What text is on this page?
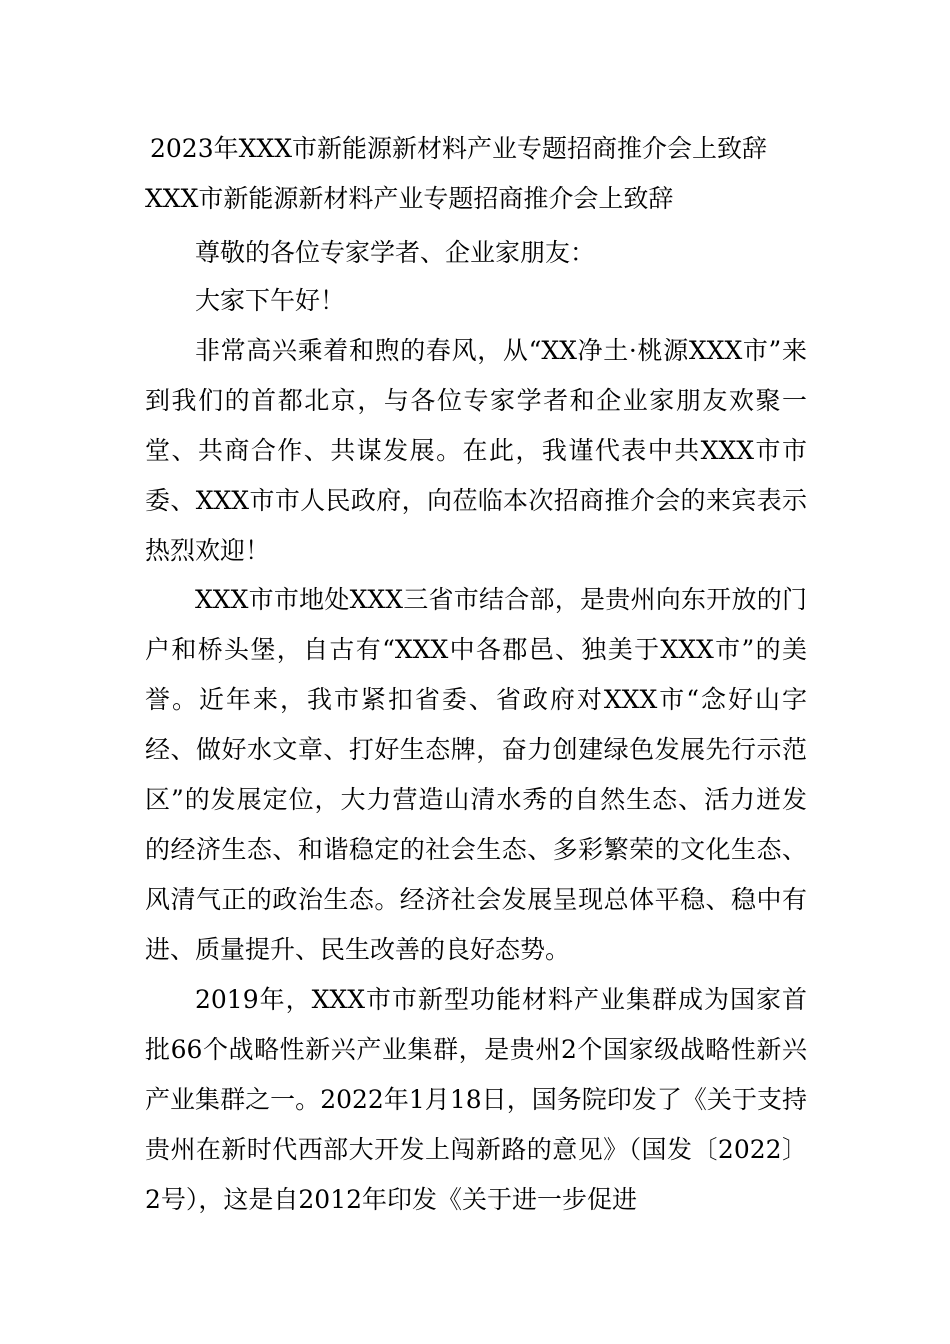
2023年XXX市新能源新材料产业专题招商推介会上致辞
XXX市新能源新材料产业专题招商推介会上致辞

尊敬的各位专家学者、企业家朋友：

大家下午好！

非常高兴乘着和煦的春风，从“XX净土·桃源XXX市”来到我们的首都北京，与各位专家学者和企业家朋友欢聚一堂、共商合作、共谋发展。在此，我谨代表中共XXX市市委、XXX市市人民政府，向莅临本次招商推介会的来宾表示热烈欢迎！

XXX市市地处XXX三省市结合部，是贵州向东开放的门户和桥头堡，自古有“XXX中各郡邑、独美于XXX市”的美誉。近年来，我市紧扣省委、省政府对XXX市“念好山字经、做好水文章、打好生态牌，奋力创建绿色发展先行示范区”的发展定位，大力营造山清水秀的自然生态、活力迸发的经济生态、和谐稳定的社会生态、多彩繁荣的文化生态、风清气正的政治生态。经济社会发展呈现总体平稳、稳中有进、质量提升、民生改善的良好态势。

2019年，XXX市市新型功能材料产业集群成为国家首批66个战略性新兴产业集群，是贵州2个国家级战略性新兴产业集群之一。2022年1月18日，国务院印发了《关于支持贵州在新时代西部大开发上闯新路的意见》（国发〔2022〕2号），这是自2012年印发《关于进一步促进
